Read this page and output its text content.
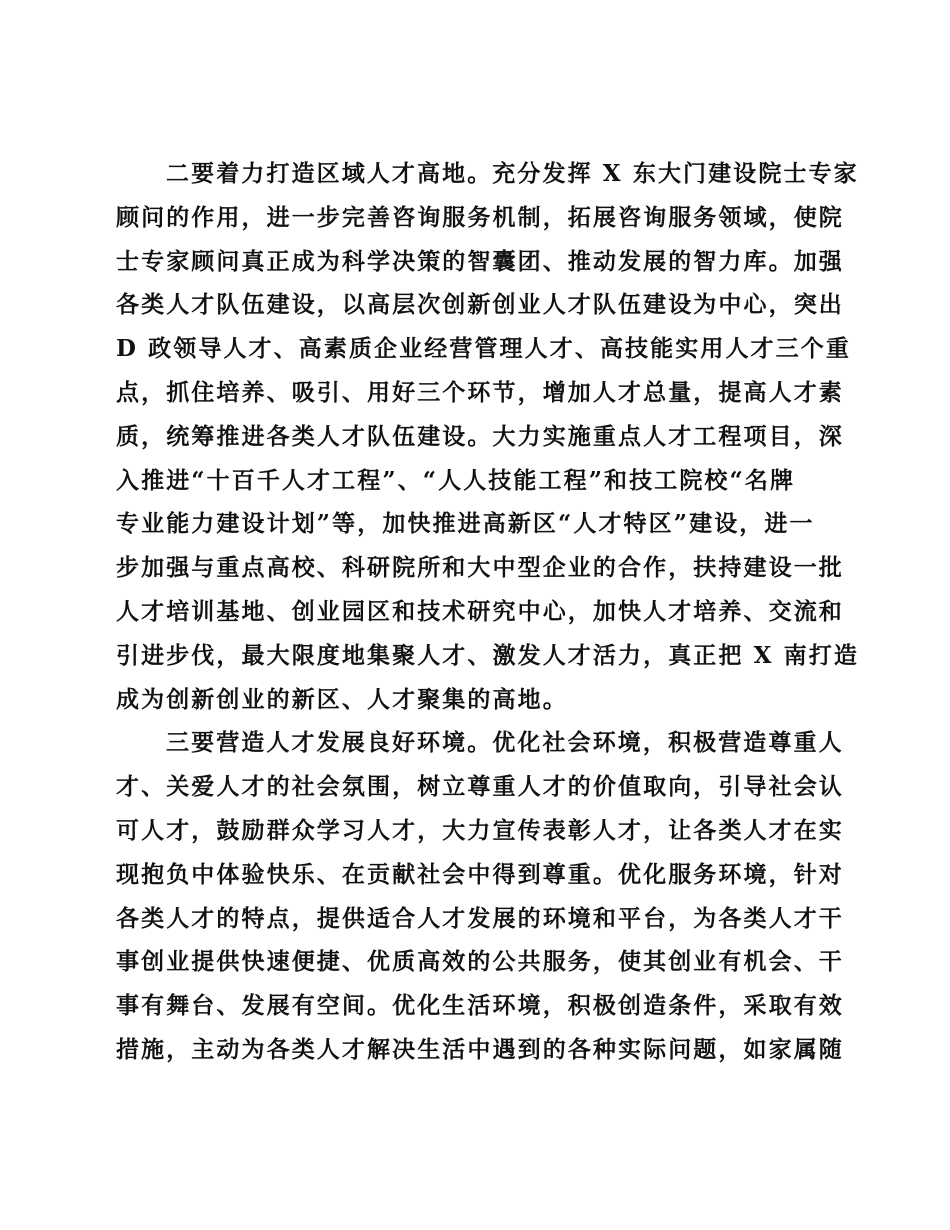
二要着力打造区域人才高地。充分发挥 X 东大门建设院士专家
顾问的作用，进一步完善咨询服务机制，拓展咨询服务领域，使院
士专家顾问真正成为科学决策的智囊团、推动发展的智力库。加强
各类人才队伍建设，以高层次创新创业人才队伍建设为中心，突出
D 政领导人才、高素质企业经营管理人才、高技能实用人才三个重
点，抓住培养、吸引、用好三个环节，增加人才总量，提高人才素
质，统筹推进各类人才队伍建设。大力实施重点人才工程项目，深
入推进“十百千人才工程”、“人人技能工程”和技工院校“名牌
专业能力建设计划”等，加快推进高新区“人才特区”建设，进一
步加强与重点高校、科研院所和大中型企业的合作，扶持建设一批
人才培训基地、创业园区和技术研究中心，加快人才培养、交流和
引进步伐，最大限度地集聚人才、激发人才活力，真正把 X 南打造
成为创新创业的新区、人才聚集的高地。
三要营造人才发展良好环境。优化社会环境，积极营造尊重人
才、关爱人才的社会氛围，树立尊重人才的价值取向，引导社会认
可人才，鼓励群众学习人才，大力宣传表彰人才，让各类人才在实
现抱负中体验快乐、在贡献社会中得到尊重。优化服务环境，针对
各类人才的特点，提供适合人才发展的环境和平台，为各类人才干
事创业提供快速便捷、优质高效的公共服务，使其创业有机会、干
事有舞台、发展有空间。优化生活环境，积极创造条件，采取有效
措施，主动为各类人才解决生活中遇到的各种实际问题，如家属随
